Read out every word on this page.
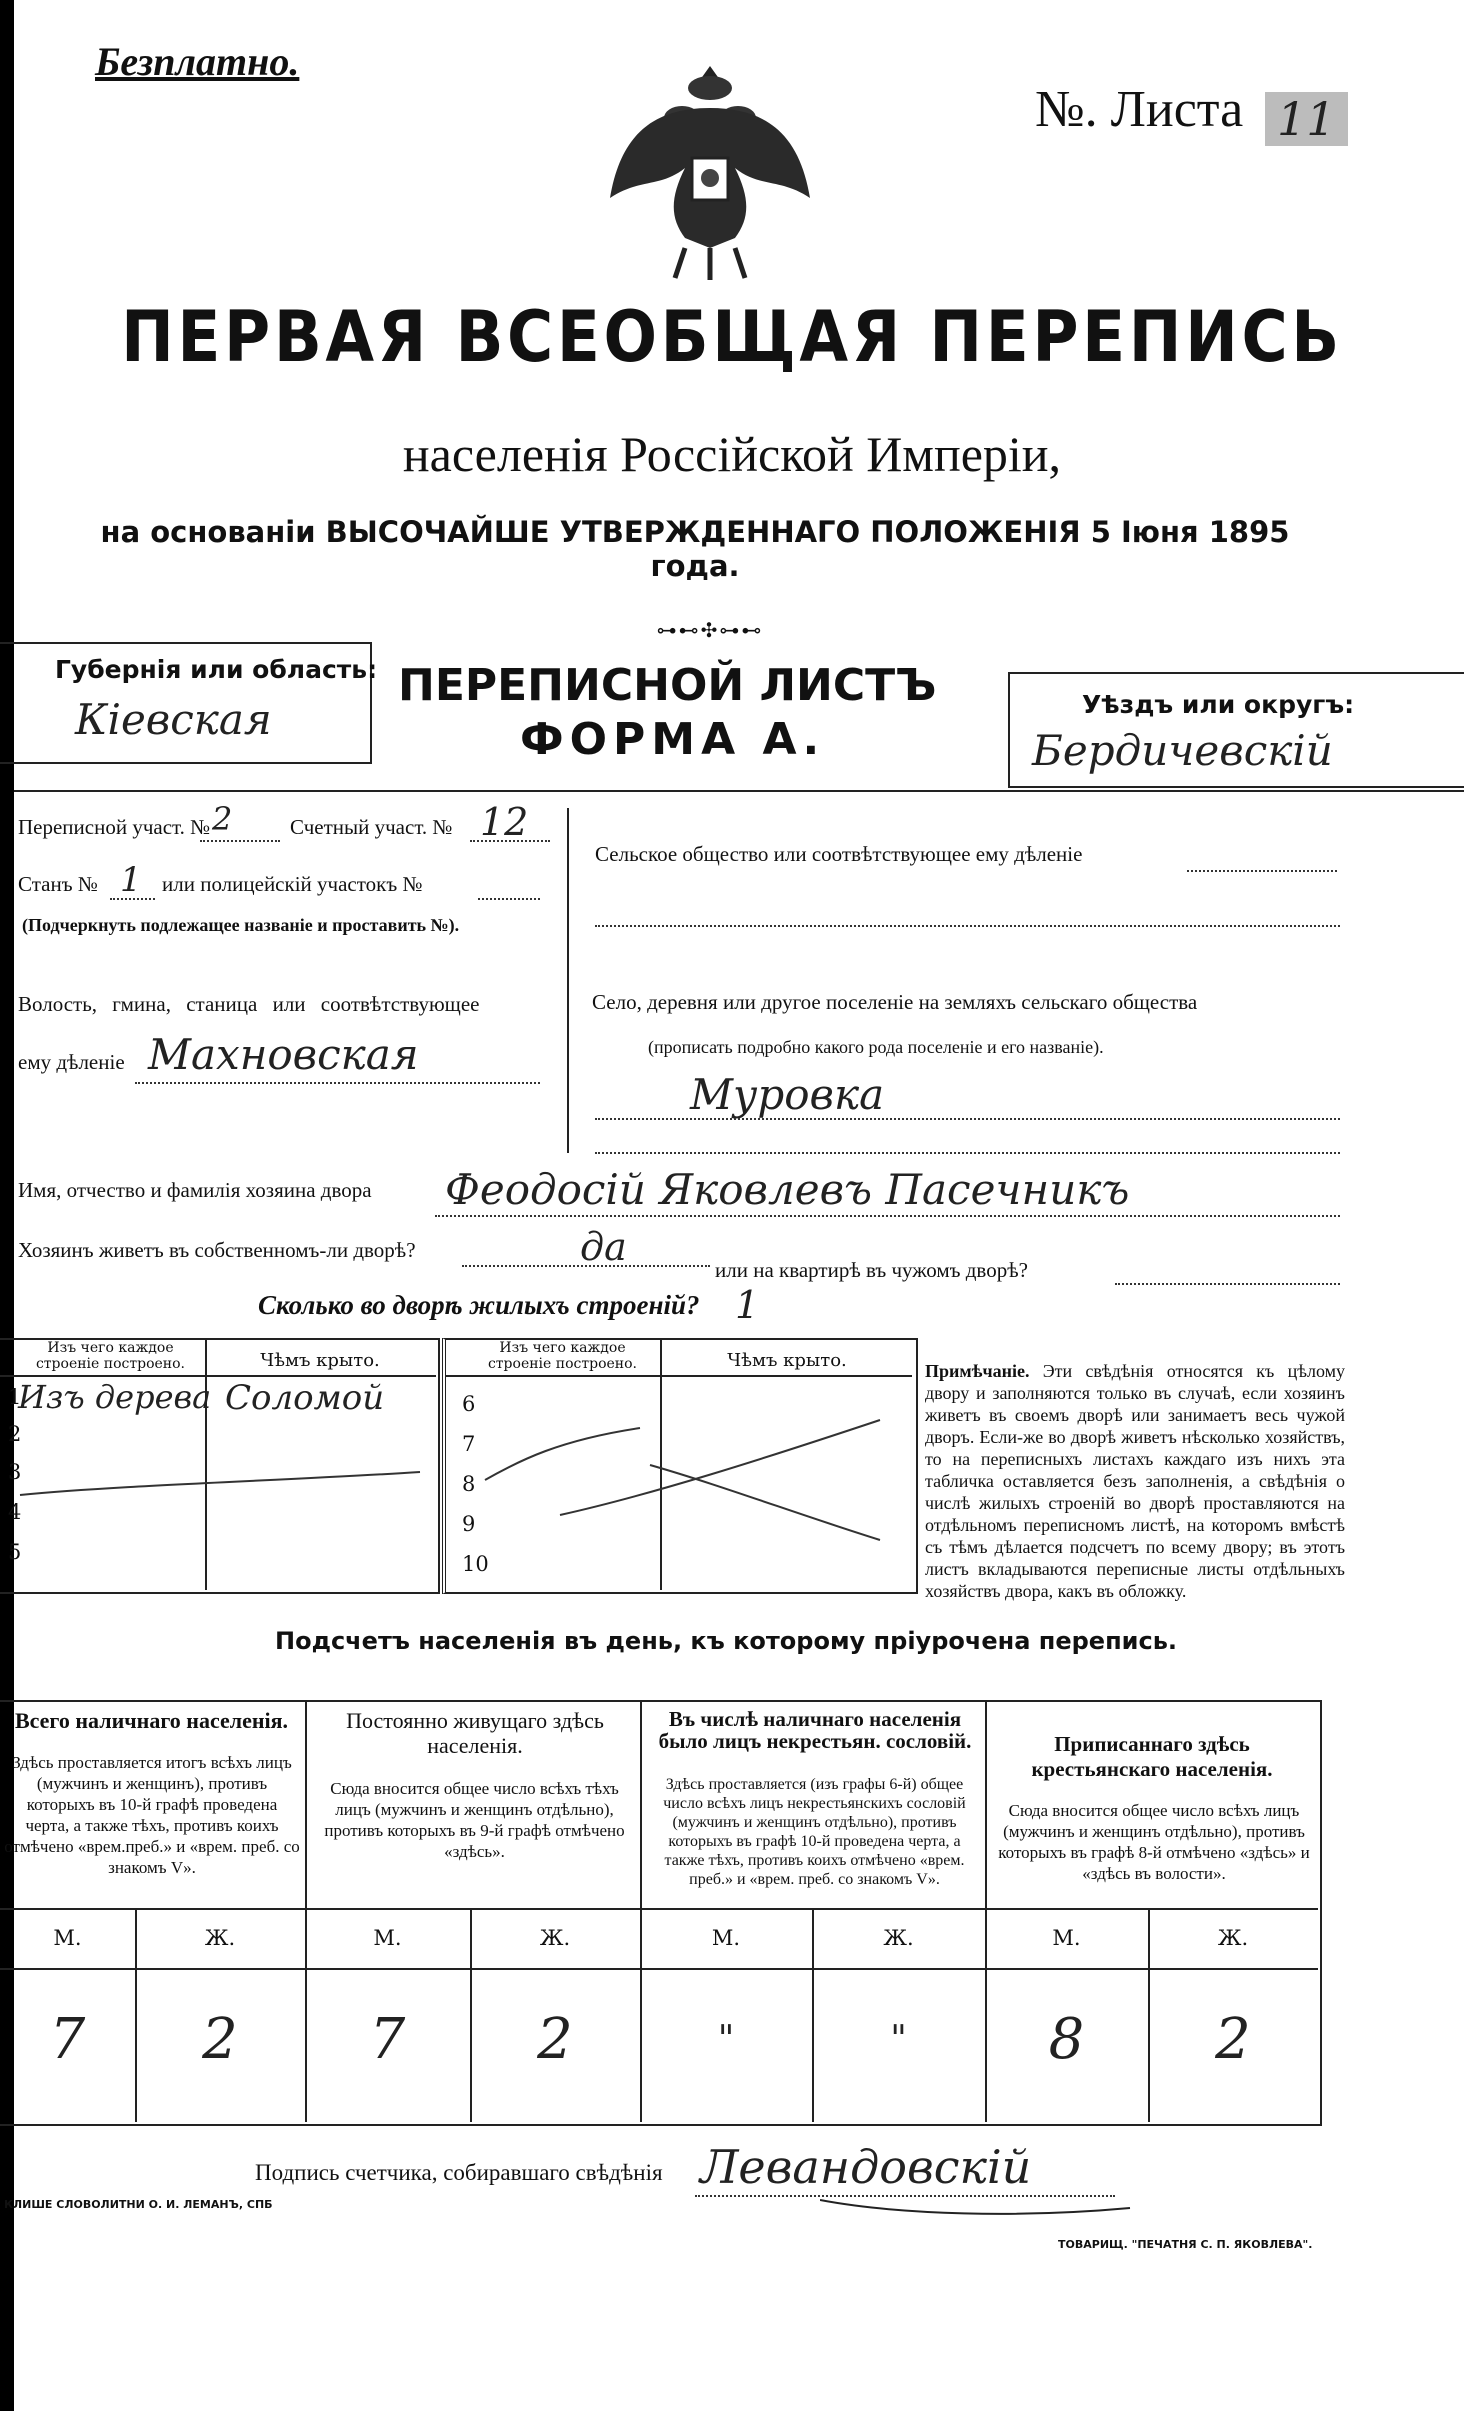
Безплатно.
№. Листа 11
ПЕРВАЯ ВСЕОБЩАЯ ПЕРЕПИСЬ
населенія Россійской Имперіи,
на основаніи ВЫСОЧАЙШЕ УТВЕРЖДЕННАГО ПОЛОЖЕНІЯ 5 Іюня 1895 года.
⊶⊷✣⊶⊷
Губернія или область:
Кіевская
ПЕРЕПИСНОЙ ЛИСТЪ
ФОРМА А.
Уѣздъ или округъ:
Бердичевскій
Переписной участ. № 2	Счетный участ. № 12
Станъ № 1 или полицейскій участокъ №
(Подчеркнуть подлежащее названіе и проставить №).
Волость, гмина, станица или соотвѣтствующее
ему дѣленіе Махновская
Сельское общество или соотвѣтствующее ему дѣленіе
Село, деревня или другое поселеніе на земляхъ сельскаго общества
(прописать подробно какого рода поселеніе и его названіе).
Муровка
Имя, отчество и фамилія хозяина двора Феодосій Яковлевъ Пасечникъ
Хозяинъ живетъ въ собственномъ-ли дворѣ?	да
или на квартирѣ въ чужомъ дворѣ?
Сколько во дворѣ жилыхъ строеній? 1
Изъ чего каждое строеніе построено.	Чѣмъ крыто.
1
Изъ дерева Соломой
2
3
4
5
Изъ чего каждое строеніе построено.	Чѣмъ крыто.
6
7
8
9
10
Примѣчаніе. Эти свѣдѣнія относятся къ цѣлому двору и заполняются только въ случаѣ, если хозяинъ живетъ въ своемъ дворѣ или занимаетъ весь чужой дворъ. Если-же во дворѣ живетъ нѣсколько хозяйствъ, то на переписныхъ листахъ каждаго изъ нихъ эта табличка оставляется безъ заполненія, а свѣдѣнія о числѣ жилыхъ строеній во дворѣ проставляются на отдѣльномъ переписномъ листѣ, на которомъ вмѣстѣ съ тѣмъ дѣлается подсчетъ по всему двору; въ этотъ листъ вкладываются переписные листы отдѣльныхъ хозяйствъ двора, какъ въ обложку.
Подсчетъ населенія въ день, къ которому пріурочена перепись.
Всего наличнаго населенія.
Здѣсь проставляется итогъ всѣхъ лицъ (мужчинъ и женщинъ), противъ которыхъ въ 10-й графѣ проведена черта, а также тѣхъ, противъ коихъ отмѣчено «врем.преб.» и «врем. преб. со знакомъ V».
Постоянно живущаго здѣсь населенія.
Сюда вносится общее число всѣхъ тѣхъ лицъ (мужчинъ и женщинъ отдѣльно), противъ которыхъ въ 9-й графѣ отмѣчено «здѣсь».
Въ числѣ наличнаго населенія было лицъ некрестьян. сословій.
Здѣсь проставляется (изъ графы 6-й) общее число всѣхъ лицъ некрестьянскихъ сословій (мужчинъ и женщинъ отдѣльно), противъ которыхъ въ графѣ 10-й проведена черта, а также тѣхъ, противъ коихъ отмѣчено «врем. преб.» и «врем. преб. со знакомъ V».
Приписаннаго здѣсь крестьянскаго населенія.
Сюда вносится общее число всѣхъ лицъ (мужчинъ и женщинъ отдѣльно), противъ которыхъ въ графѣ 8-й отмѣчено «здѣсь» и «здѣсь въ волости».
М.	Ж.	М.	Ж.	М.	Ж.	М.	Ж.
7	2	7	2	"	"	8	2
Подпись счетчика, собиравшаго свѣдѣнія Левандовскій
КЛИШЕ СЛОВОЛИТНИ О. И. ЛЕМАНЪ, СПБ
ТОВАРИЩ. "ПЕЧАТНЯ С. П. ЯКОВЛЕВА".
